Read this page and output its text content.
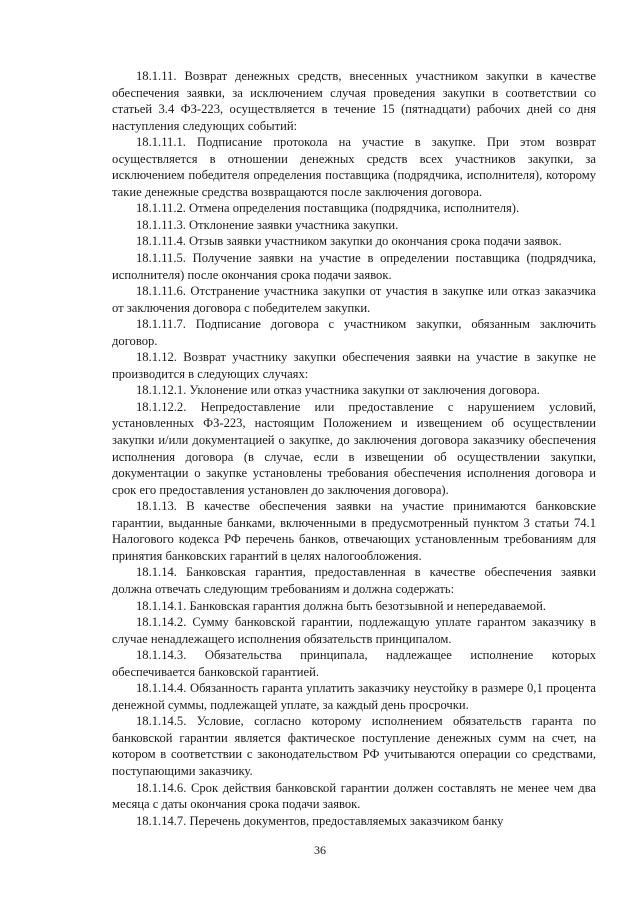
18.1.11. Возврат денежных средств, внесенных участником закупки в качестве обеспечения заявки, за исключением случая проведения закупки в соответствии со статьей 3.4 ФЗ-223, осуществляется в течение 15 (пятнадцати) рабочих дней со дня наступления следующих событий:

18.1.11.1. Подписание протокола на участие в закупке. При этом возврат осуществляется в отношении денежных средств всех участников закупки, за исключением победителя определения поставщика (подрядчика, исполнителя), которому такие денежные средства возвращаются после заключения договора.

18.1.11.2. Отмена определения поставщика (подрядчика, исполнителя).

18.1.11.3. Отклонение заявки участника закупки.

18.1.11.4. Отзыв заявки участником закупки до окончания срока подачи заявок.

18.1.11.5. Получение заявки на участие в определении поставщика (подрядчика, исполнителя) после окончания срока подачи заявок.

18.1.11.6. Отстранение участника закупки от участия в закупке или отказ заказчика от заключения договора с победителем закупки.

18.1.11.7. Подписание договора с участником закупки, обязанным заключить договор.

18.1.12. Возврат участнику закупки обеспечения заявки на участие в закупке не производится в следующих случаях:

18.1.12.1. Уклонение или отказ участника закупки от заключения договора.

18.1.12.2. Непредоставление или предоставление с нарушением условий, установленных ФЗ-223, настоящим Положением и извещением об осуществлении закупки и/или документацией о закупке, до заключения договора заказчику обеспечения исполнения договора (в случае, если в извещении об осуществлении закупки, документации о закупке установлены требования обеспечения исполнения договора и срок его предоставления установлен до заключения договора).

18.1.13. В качестве обеспечения заявки на участие принимаются банковские гарантии, выданные банками, включенными в предусмотренный пунктом 3 статьи 74.1 Налогового кодекса РФ перечень банков, отвечающих установленным требованиям для принятия банковских гарантий в целях налогообложения.

18.1.14. Банковская гарантия, предоставленная в качестве обеспечения заявки должна отвечать следующим требованиям и должна содержать:

18.1.14.1. Банковская гарантия должна быть безотзывной и непередаваемой.

18.1.14.2. Сумму банковской гарантии, подлежащую уплате гарантом заказчику в случае ненадлежащего исполнения обязательств принципалом.

18.1.14.3. Обязательства принципала, надлежащее исполнение которых обеспечивается банковской гарантией.

18.1.14.4. Обязанность гаранта уплатить заказчику неустойку в размере 0,1 процента денежной суммы, подлежащей уплате, за каждый день просрочки.

18.1.14.5. Условие, согласно которому исполнением обязательств гаранта по банковской гарантии является фактическое поступление денежных сумм на счет, на котором в соответствии с законодательством РФ учитываются операции со средствами, поступающими заказчику.

18.1.14.6. Срок действия банковской гарантии должен составлять не менее чем два месяца с даты окончания срока подачи заявок.

18.1.14.7. Перечень документов, предоставляемых заказчиком банку

36
